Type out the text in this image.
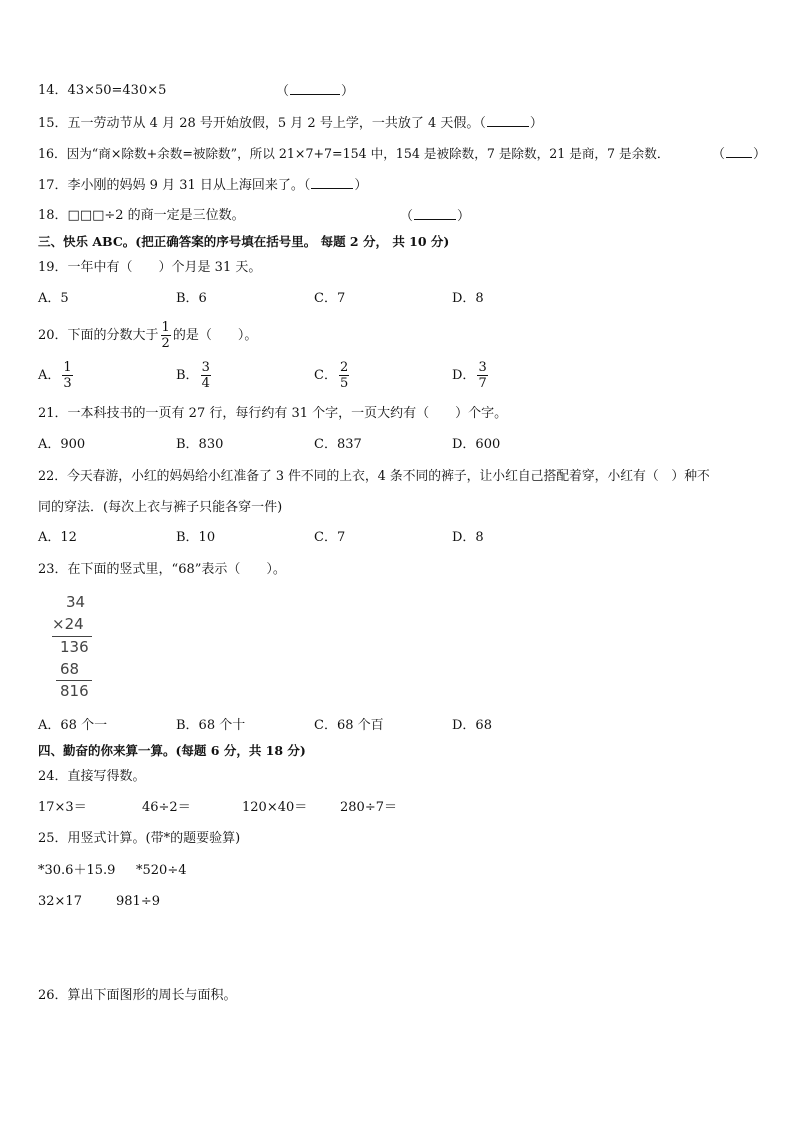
14．43×50=430×5	（	）
15．五一劳动节从 4 月 28 号开始放假，5 月 2 号上学，一共放了 4 天假。（	）
16．因为“商×除数+余数=被除数”，所以 21×7+7=154 中，154 是被除数，7 是除数，21 是商，7 是余数．	（ ）
17．李小刚的妈妈 9 月 31 日从上海回来了。（	）
18．□□□÷2 的商一定是三位数。	（	）
三、快乐 ABC。(把正确答案的序号填在括号里。 每题 2 分， 共 10 分)
19．一年中有（　　）个月是 31 天。
A．5	B．6	C．7	D．8
20．下面的分数大于 $\frac{1}{2}$ 的是（　　）。
A． $\frac{1}{3}$	B． $\frac{3}{4}$	C． $\frac{2}{5}$	D． $\frac{3}{7}$
21．一本科技书的一页有 27 行，每行约有 31 个字，一页大约有（　　）个字。
A．900	B．830	C．837	D．600
22．今天春游，小红的妈妈给小红准备了 3 件不同的上衣，4 条不同的裤子，让小红自己搭配着穿，小红有（　）种不
同的穿法．(每次上衣与裤子只能各穿一件)
A．12	B．10	C．7	D．8
23．在下面的竖式里，“68”表示（　　）。
34
×24
136
68
816
A．68 个一	B．68 个十	C．68 个百	D．68
四、勤奋的你来算一算。(每题 6 分，共 18 分)
24．直接写得数。
17×3＝	46÷2＝	120×40＝	280÷7＝
25．用竖式计算。(带*的题要验算)
*30.6＋15.9 *520÷4
32×17	981÷9
26．算出下面图形的周长与面积。
